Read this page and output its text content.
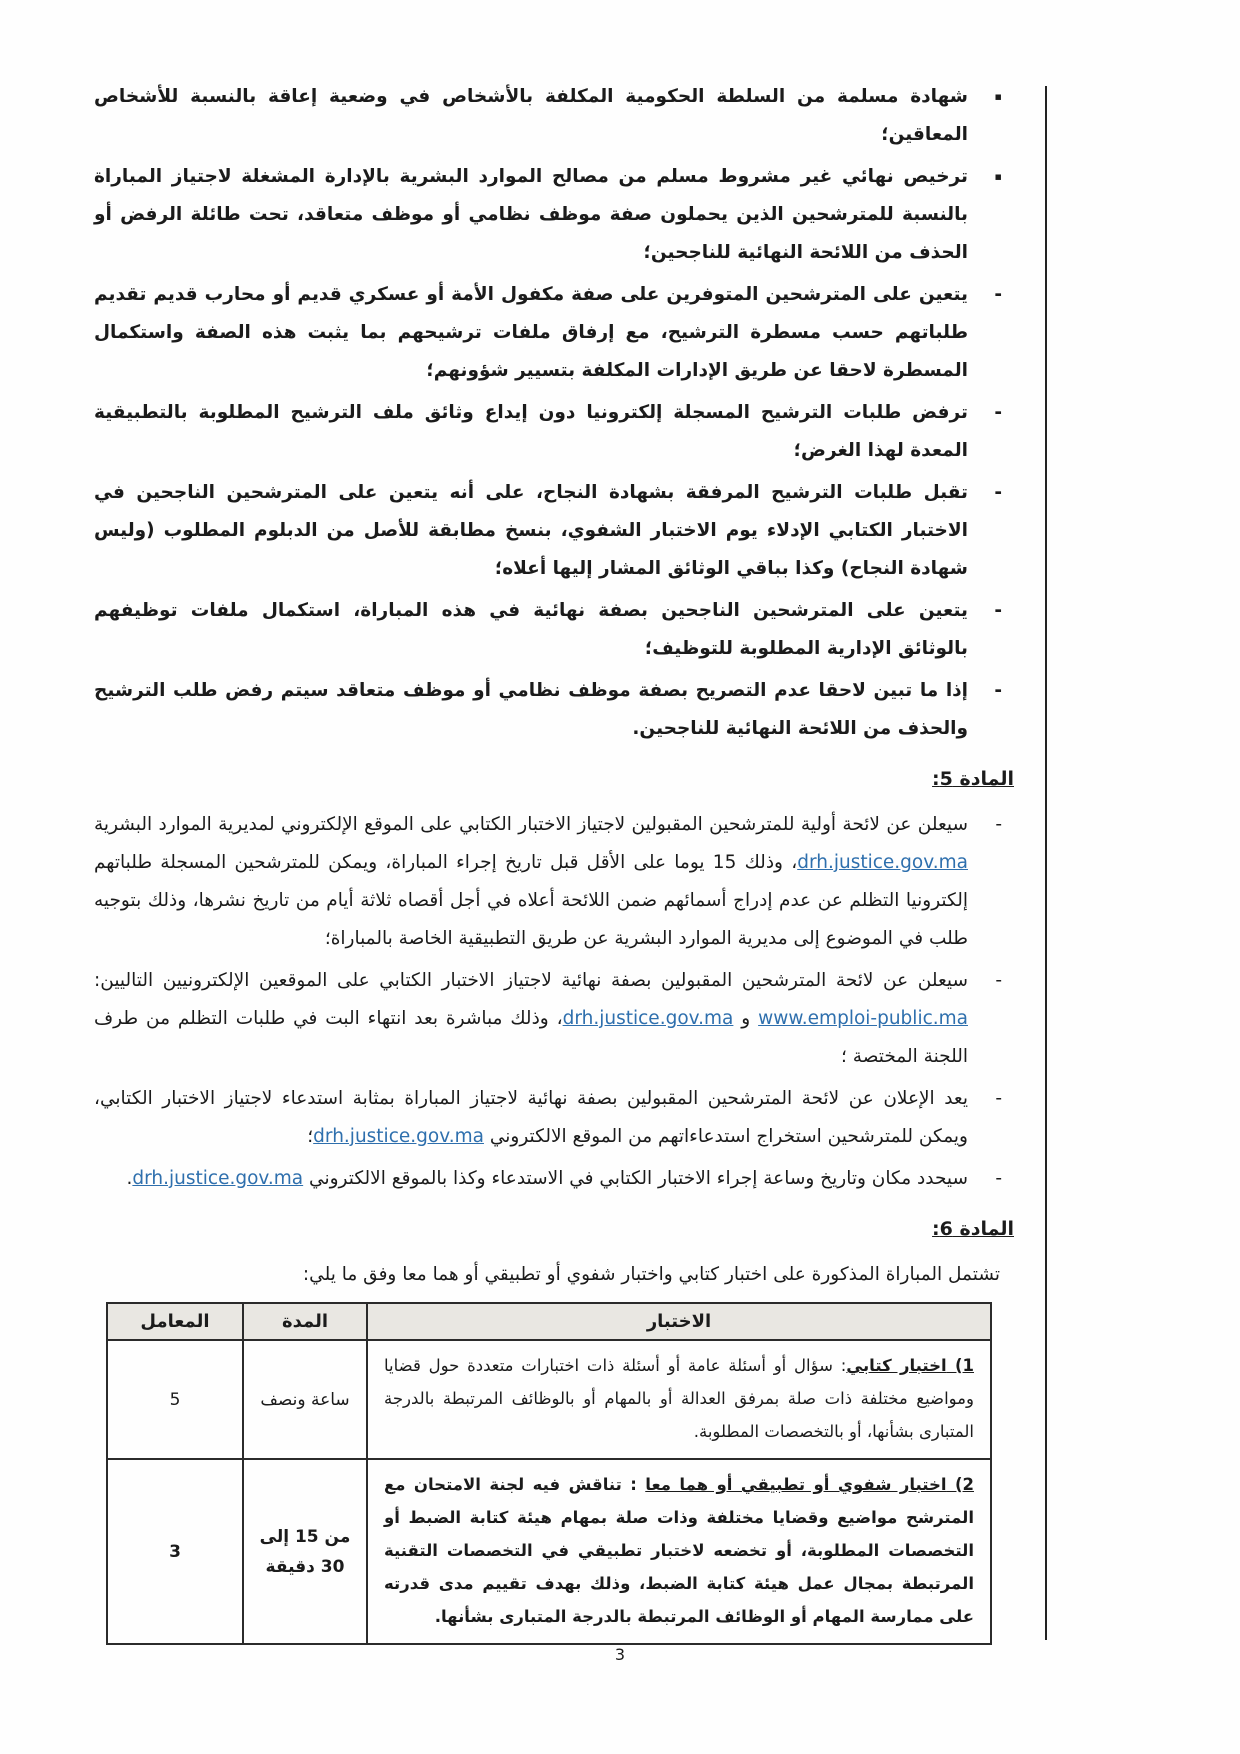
▪
شهادة مسلمة من السلطة الحكومية المكلفة بالأشخاص في وضعية إعاقة بالنسبة للأشخاص المعاقين؛
▪
ترخيص نهائي غير مشروط مسلم من مصالح الموارد البشرية بالإدارة المشغلة لاجتياز المباراة بالنسبة للمترشحين الذين يحملون صفة موظف نظامي أو موظف متعاقد، تحت طائلة الرفض أو الحذف من اللائحة النهائية للناجحين؛
-
يتعين على المترشحين المتوفرين على صفة مكفول الأمة أو عسكري قديم أو محارب قديم تقديم طلباتهم حسب مسطرة الترشيح، مع إرفاق ملفات ترشيحهم بما يثبت هذه الصفة واستكمال المسطرة لاحقا عن طريق الإدارات المكلفة بتسيير شؤونهم؛
-
ترفض طلبات الترشيح المسجلة إلكترونيا دون إيداع وثائق ملف الترشيح المطلوبة بالتطبيقية المعدة لهذا الغرض؛
-
تقبل طلبات الترشيح المرفقة بشهادة النجاح، على أنه يتعين على المترشحين الناجحين في الاختبار الكتابي الإدلاء يوم الاختبار الشفوي، بنسخ مطابقة للأصل من الدبلوم المطلوب (وليس شهادة النجاح) وكذا بباقي الوثائق المشار إليها أعلاه؛
-
يتعين على المترشحين الناجحين بصفة نهائية في هذه المباراة، استكمال ملفات توظيفهم بالوثائق الإدارية المطلوبة للتوظيف؛
-
إذا ما تبين لاحقا عدم التصريح بصفة موظف نظامي أو موظف متعاقد سيتم رفض طلب الترشيح والحذف من اللائحة النهائية للناجحين.
المادة 5:
-
سيعلن عن لائحة أولية للمترشحين المقبولين لاجتياز الاختبار الكتابي على الموقع الإلكتروني لمديرية الموارد البشرية drh.justice.gov.ma، وذلك 15 يوما على الأقل قبل تاريخ إجراء المباراة، ويمكن للمترشحين المسجلة طلباتهم إلكترونيا التظلم عن عدم إدراج أسمائهم ضمن اللائحة أعلاه في أجل أقصاه ثلاثة أيام من تاريخ نشرها، وذلك بتوجيه طلب في الموضوع إلى مديرية الموارد البشرية عن طريق التطبيقية الخاصة بالمباراة؛
-
سيعلن عن لائحة المترشحين المقبولين بصفة نهائية لاجتياز الاختبار الكتابي على الموقعين الإلكترونيين التاليين: www.emploi-public.ma و drh.justice.gov.ma، وذلك مباشرة بعد انتهاء البت في طلبات التظلم من طرف اللجنة المختصة ؛
-
يعد الإعلان عن لائحة المترشحين المقبولين بصفة نهائية لاجتياز المباراة بمثابة استدعاء لاجتياز الاختبار الكتابي، ويمكن للمترشحين استخراج استدعاءاتهم من الموقع الالكتروني drh.justice.gov.ma؛
-
سيحدد مكان وتاريخ وساعة إجراء الاختبار الكتابي في الاستدعاء وكذا بالموقع الالكتروني drh.justice.gov.ma.
المادة 6:

تشتمل المباراة المذكورة على اختبار كتابي واختبار شفوي أو تطبيقي أو هما معا وفق ما يلي:

الاختبار	المدة	المعامل
1) اختبار كتابي: سؤال أو أسئلة عامة أو أسئلة ذات اختبارات متعددة حول قضايا ومواضيع مختلفة ذات صلة بمرفق العدالة أو بالمهام أو بالوظائف المرتبطة بالدرجة المتبارى بشأنها، أو بالتخصصات المطلوبة.	ساعة ونصف	5
2) اختبار شفوي أو تطبيقي أو هما معا : تناقش فيه لجنة الامتحان مع المترشح مواضيع وقضايا مختلفة وذات صلة بمهام هيئة كتابة الضبط أو التخصصات المطلوبة، أو تخضعه لاختبار تطبيقي في التخصصات التقنية المرتبطة بمجال عمل هيئة كتابة الضبط، وذلك بهدف تقييم مدى قدرته على ممارسة المهام أو الوظائف المرتبطة بالدرجة المتبارى بشأنها.	من 15 إلى 30 دقيقة	3
3
